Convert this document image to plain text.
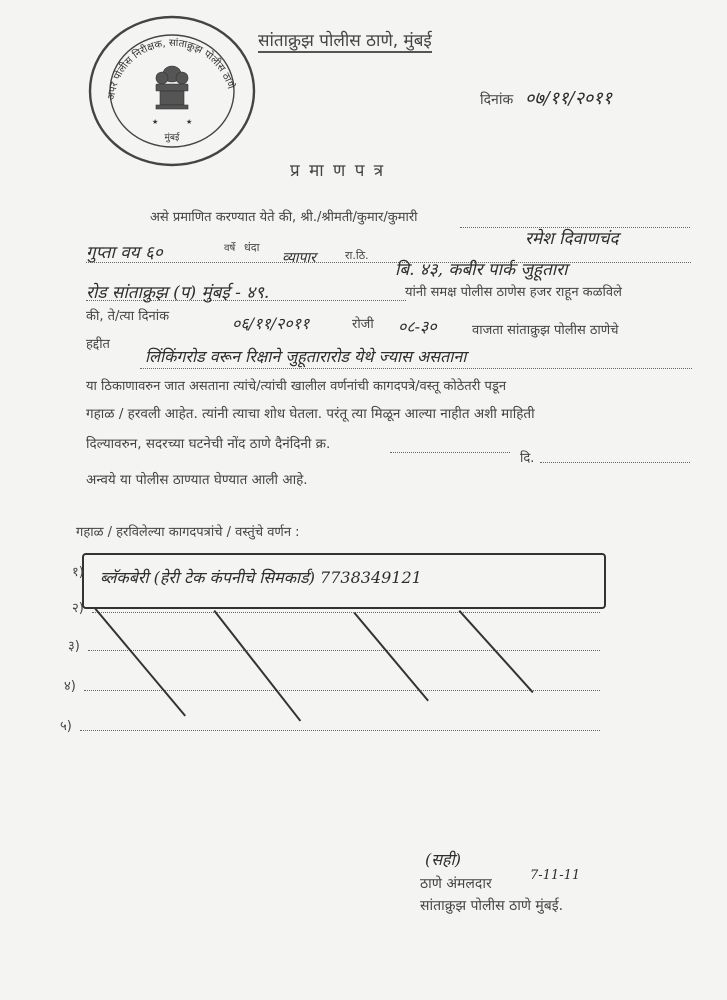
अपर पोलीस निरीक्षक, सांताक्रुझ पोलीस ठाणे
★	★
मुंबई
सांताक्रुझ पोलीस ठाणे, मुंबई
दिनांक ०७/११/२०११
प्र मा ण प त्र
असे प्रमाणित करण्यात येते की, श्री./श्रीमती/कुमार/कुमारी
रमेश दिवाणचंद
गुप्ता वय ६०	वर्षे धंदा
व्यापार	रा.ठि.
बि. ४३, कबीर पार्क जुहूतारा
रोड सांताक्रुझ (प) मुंबई - ४९.	यांनी समक्ष पोलीस ठाणेस हजर राहून कळविले
की, ते/त्या दिनांक	०६/११/२०११	रोजी ०८-३०	वाजता सांताक्रुझ पोलीस ठाणेचे
हद्दीत
लिंकिंगरोड वरून रिक्षाने जुहूतारारोड येथे ज्यास असताना
या ठिकाणावरुन जात असताना त्यांचे/त्यांची खालील वर्णनांची कागदपत्रे/वस्तू कोठेतरी पडून
गहाळ / हरवली आहेत. त्यांनी त्याचा शोध घेतला. परंतू त्या मिळून आल्या नाहीत अशी माहिती
दिल्यावरुन, सदरच्या घटनेची नोंद ठाणे दैनंदिनी क्र.
दि.
अन्वये या पोलीस ठाण्यात घेण्यात आली आहे.
गहाळ / हरविलेल्या कागदपत्रांचे / वस्तुंचे वर्णन :
१) ब्लॅकबेरी (हेरी टेक कंपनीचे सिमकार्ड) 7738349121
२)
३)
४)
५)
(सही)
ठाणे अंमलदार
7-11-11
सांताक्रुझ पोलीस ठाणे मुंबई.
